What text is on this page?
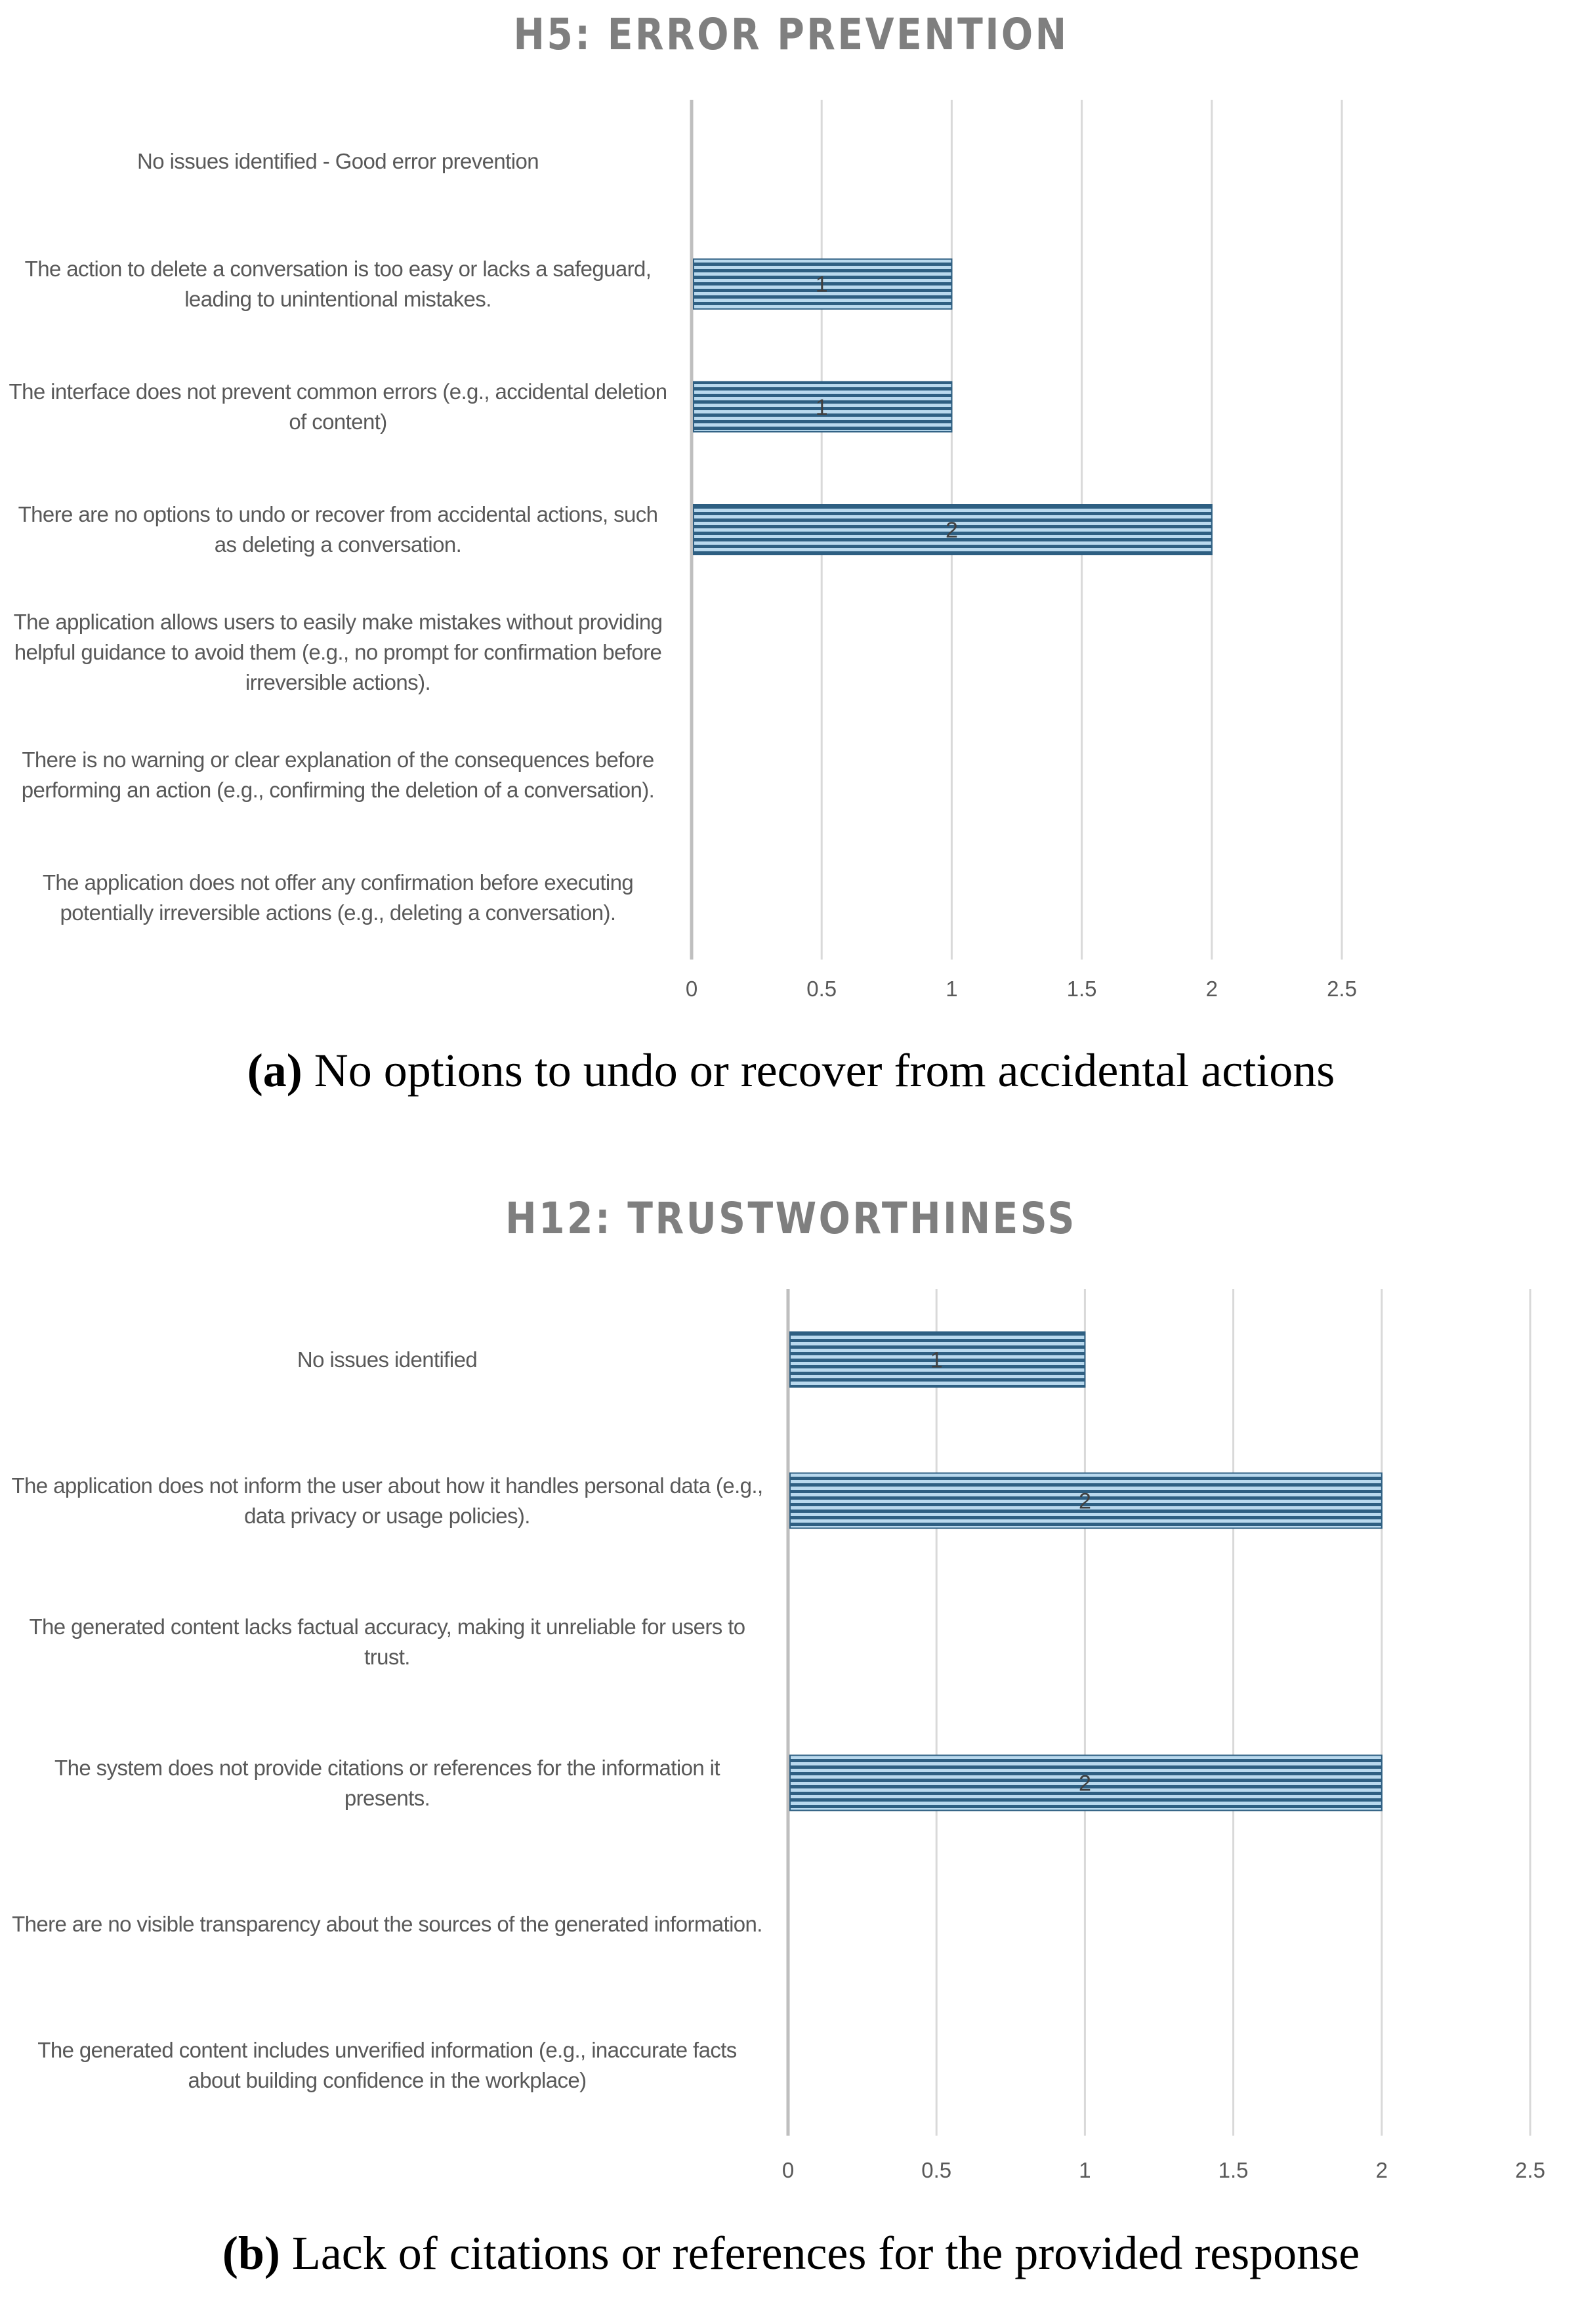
H5: ERROR PREVENTION
1
1
2
No issues identified - Good error prevention
The action to delete a conversation is too easy or lacks a safeguard, leading to unintentional mistakes.
The interface does not prevent common errors (e.g., accidental deletion of content)
There are no options to undo or recover from accidental actions, such as deleting a conversation.
The application allows users to easily make mistakes without providing helpful guidance to avoid them (e.g., no prompt for confirmation before irreversible actions).
There is no warning or clear explanation of the consequences before performing an action (e.g., confirming the deletion of a conversation).
The application does not offer any confirmation before executing potentially irreversible actions (e.g., deleting a conversation).
0	0.5	1	1.5	2	2.5
(a) No options to undo or recover from accidental actions
H12: TRUSTWORTHINESS
1
2
2
No issues identified
The application does not inform the user about how it handles personal data (e.g., data privacy or usage policies).
The generated content lacks factual accuracy, making it unreliable for users to trust.
The system does not provide citations or references for the information it presents.
There are no visible transparency about the sources of the generated information.
The generated content includes unverified information (e.g., inaccurate facts about building confidence in the workplace)
0	0.5	1	1.5	2	2.5
(b) Lack of citations or references for the provided response
